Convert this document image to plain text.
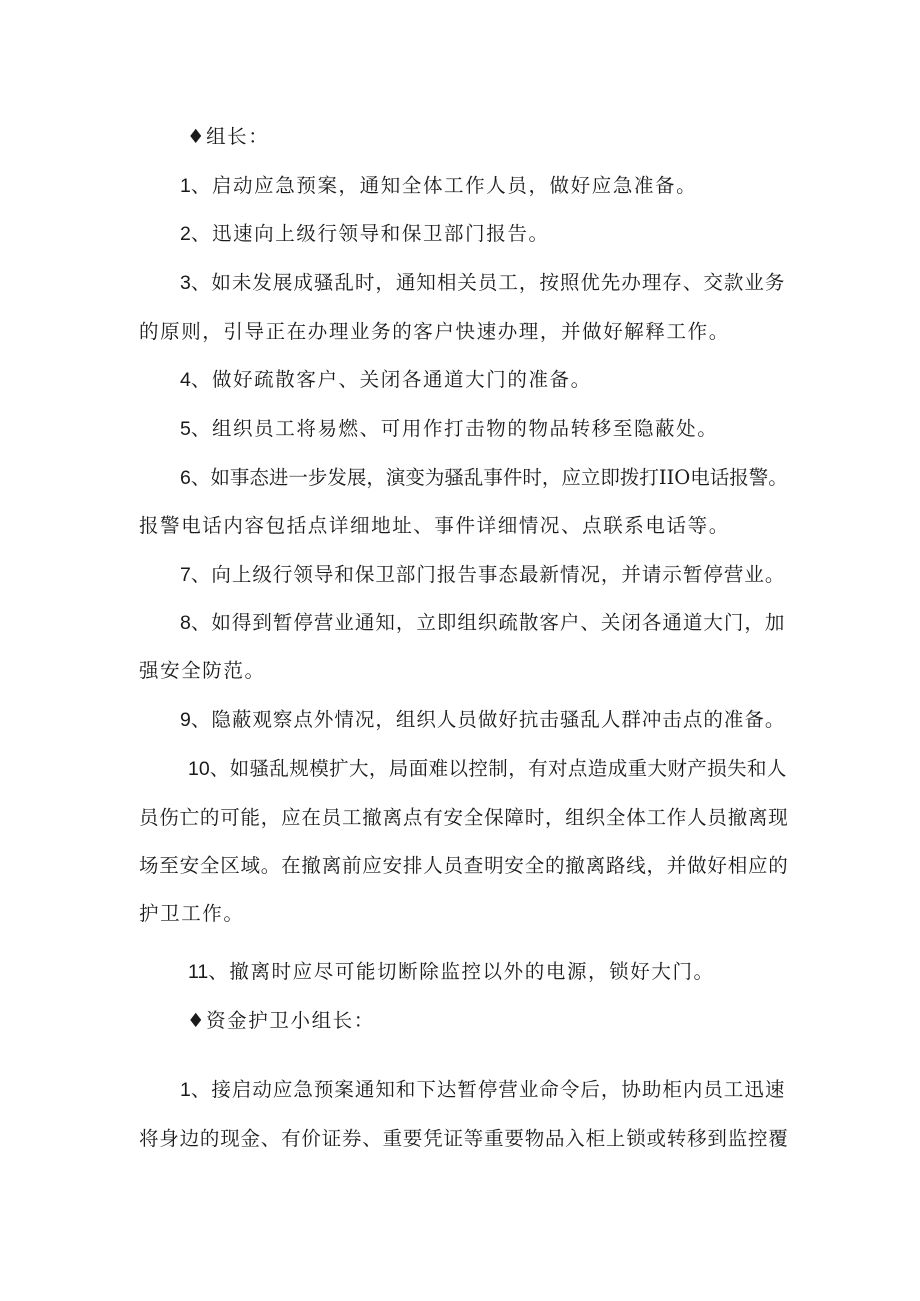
♦组长：
1、启动应急预案，通知全体工作人员，做好应急准备。
2、迅速向上级行领导和保卫部门报告。
3、如未发展成骚乱时，通知相关员工，按照优先办理存、交款业务
的原则，引导正在办理业务的客户快速办理，并做好解释工作。
4、做好疏散客户、关闭各通道大门的准备。
5、组织员工将易燃、可用作打击物的物品转移至隐蔽处。
6、如事态进一步发展，演变为骚乱事件时，应立即拨打IIO电话报警。
报警电话内容包括点详细地址、事件详细情况、点联系电话等。
7、向上级行领导和保卫部门报告事态最新情况，并请示暂停营业。
8、如得到暂停营业通知，立即组织疏散客户、关闭各通道大门，加
强安全防范。
9、隐蔽观察点外情况，组织人员做好抗击骚乱人群冲击点的准备。
10、如骚乱规模扩大，局面难以控制，有对点造成重大财产损失和人
员伤亡的可能，应在员工撤离点有安全保障时，组织全体工作人员撤离现
场至安全区域。在撤离前应安排人员查明安全的撤离路线，并做好相应的
护卫工作。
11、撤离时应尽可能切断除监控以外的电源，锁好大门。
♦资金护卫小组长：
1、接启动应急预案通知和下达暂停营业命令后，协助柜内员工迅速
将身边的现金、有价证券、重要凭证等重要物品入柜上锁或转移到监控覆
